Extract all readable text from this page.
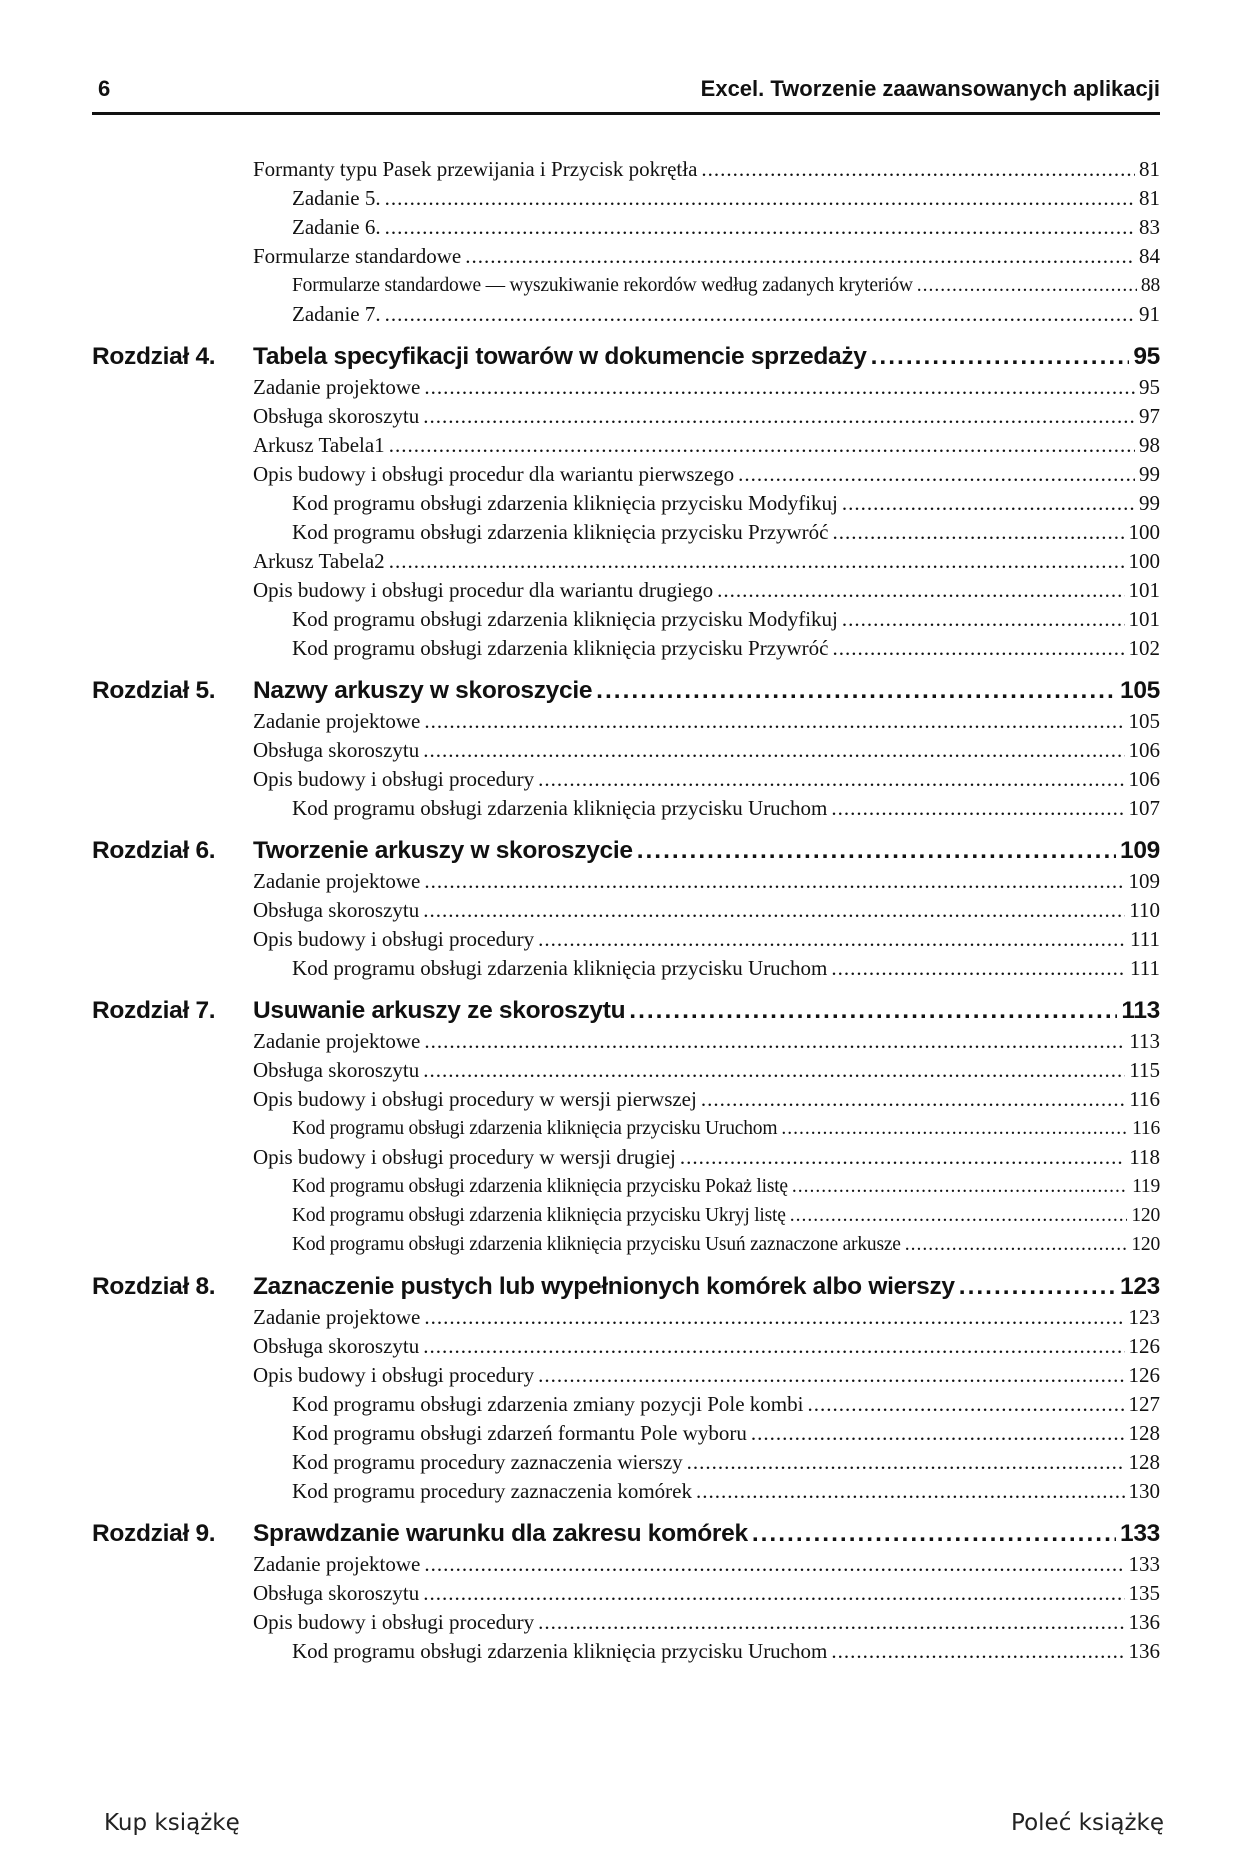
6	Excel. Tworzenie zaawansowanych aplikacji
Formanty typu Pasek przewijania i Przycisk pokrętła .....	81
Zadanie 5. .....	81
Zadanie 6. .....	83
Formularze standardowe .....	84
Formularze standardowe — wyszukiwanie rekordów według zadanych kryteriów .....	88
Zadanie 7. .....	91
Rozdział 4.	Tabela specyfikacji towarów w dokumencie sprzedaży .....	95
Zadanie projektowe .....	95
Obsługa skoroszytu .....	97
Arkusz Tabela1 .....	98
Opis budowy i obsługi procedur dla wariantu pierwszego .....	99
Kod programu obsługi zdarzenia kliknięcia przycisku Modyfikuj .....	99
Kod programu obsługi zdarzenia kliknięcia przycisku Przywróć .....	100
Arkusz Tabela2 .....	100
Opis budowy i obsługi procedur dla wariantu drugiego .....	101
Kod programu obsługi zdarzenia kliknięcia przycisku Modyfikuj .....	101
Kod programu obsługi zdarzenia kliknięcia przycisku Przywróć .....	102
Rozdział 5.	Nazwy arkuszy w skoroszycie .....	105
Zadanie projektowe .....	105
Obsługa skoroszytu .....	106
Opis budowy i obsługi procedury .....	106
Kod programu obsługi zdarzenia kliknięcia przycisku Uruchom .....	107
Rozdział 6.	Tworzenie arkuszy w skoroszycie .....	109
Zadanie projektowe .....	109
Obsługa skoroszytu .....	110
Opis budowy i obsługi procedury .....	111
Kod programu obsługi zdarzenia kliknięcia przycisku Uruchom .....	111
Rozdział 7.	Usuwanie arkuszy ze skoroszytu .....	113
Zadanie projektowe .....	113
Obsługa skoroszytu .....	115
Opis budowy i obsługi procedury w wersji pierwszej .....	116
Kod programu obsługi zdarzenia kliknięcia przycisku Uruchom .....	116
Opis budowy i obsługi procedury w wersji drugiej .....	118
Kod programu obsługi zdarzenia kliknięcia przycisku Pokaż listę .....	119
Kod programu obsługi zdarzenia kliknięcia przycisku Ukryj listę .....	120
Kod programu obsługi zdarzenia kliknięcia przycisku Usuń zaznaczone arkusze .....	120
Rozdział 8.	Zaznaczenie pustych lub wypełnionych komórek albo wierszy .....	123
Zadanie projektowe .....	123
Obsługa skoroszytu .....	126
Opis budowy i obsługi procedury .....	126
Kod programu obsługi zdarzenia zmiany pozycji Pole kombi .....	127
Kod programu obsługi zdarzeń formantu Pole wyboru .....	128
Kod programu procedury zaznaczenia wierszy .....	128
Kod programu procedury zaznaczenia komórek .....	130
Rozdział 9.	Sprawdzanie warunku dla zakresu komórek .....	133
Zadanie projektowe .....	133
Obsługa skoroszytu .....	135
Opis budowy i obsługi procedury .....	136
Kod programu obsługi zdarzenia kliknięcia przycisku Uruchom .....	136
Kup książkę	Poleć książkę
